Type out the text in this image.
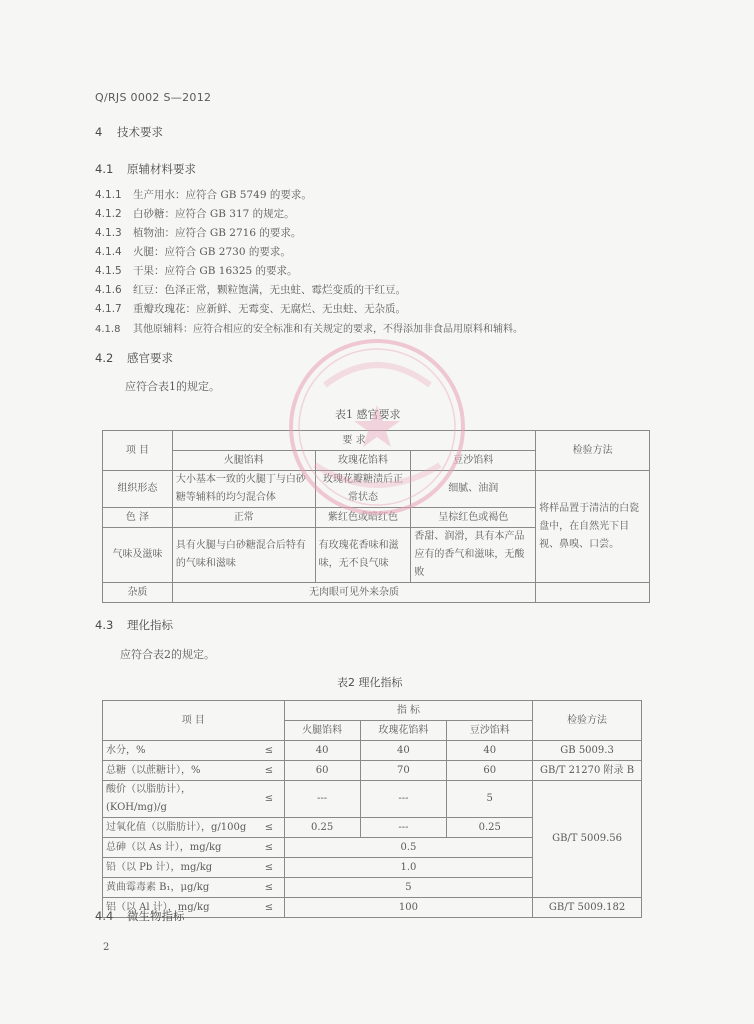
Q/RJS 0002 S—2012
4 技术要求
4.1 原辅材料要求
4.1.1 生产用水：应符合 GB 5749 的要求。
4.1.2 白砂糖：应符合 GB 317 的规定。
4.1.3 植物油：应符合 GB 2716 的要求。
4.1.4 火腿：应符合 GB 2730 的要求。
4.1.5 干果：应符合 GB 16325 的要求。
4.1.6 红豆：色泽正常，颗粒饱满，无虫蛀、霉烂变质的干红豆。
4.1.7 重瓣玫瑰花：应新鲜、无霉变、无腐烂、无虫蛀、无杂质。
4.1.8 其他原辅料：应符合相应的安全标准和有关规定的要求，不得添加非食品用原料和辅料。
4.2 感官要求
应符合表1的规定。
表1 感官要求
项 目	要 求			检验方法
	火腿馅料	玫瑰花馅料	豆沙馅料	
组织形态	大小基本一致的火腿丁与白砂糖等辅料的均匀混合体	玫瑰花瓣糖渍后正常状态	细腻、油润	将样品置于清洁的白瓷盘中，在自然光下目视、鼻嗅、口尝。
色 泽	正常	紫红色或暗红色	呈棕红色或褐色	
气味及滋味	具有火腿与白砂糖混合后特有的气味和滋味	有玫瑰花香味和滋味，无不良气味	香甜、润滑，具有本产品应有的香气和滋味，无酸败	
杂质	无肉眼可见外来杂质			
4.3 理化指标
应符合表2的规定。
表2 理化指标
项 目		指 标			检验方法
		火腿馅料	玫瑰花馅料	豆沙馅料	
水分，%	≤	40	40	40	GB 5009.3
总糖（以蔗糖计），%	≤	60	70	60	GB/T 21270 附录 B
酸价（以脂肪计），(KOH/mg)/g	≤	---	---	5	GB/T 5009.56
过氧化值（以脂肪计），g/100g	≤	0.25	---	0.25	
总砷（以 As 计），mg/kg	≤	0.5			
铅（以 Pb 计），mg/kg	≤	1.0			
黄曲霉毒素 B₁，μg/kg	≤	5			
铝（以 Al 计），mg/kg	≤	100			GB/T 5009.182
4.4 微生物指标
2
